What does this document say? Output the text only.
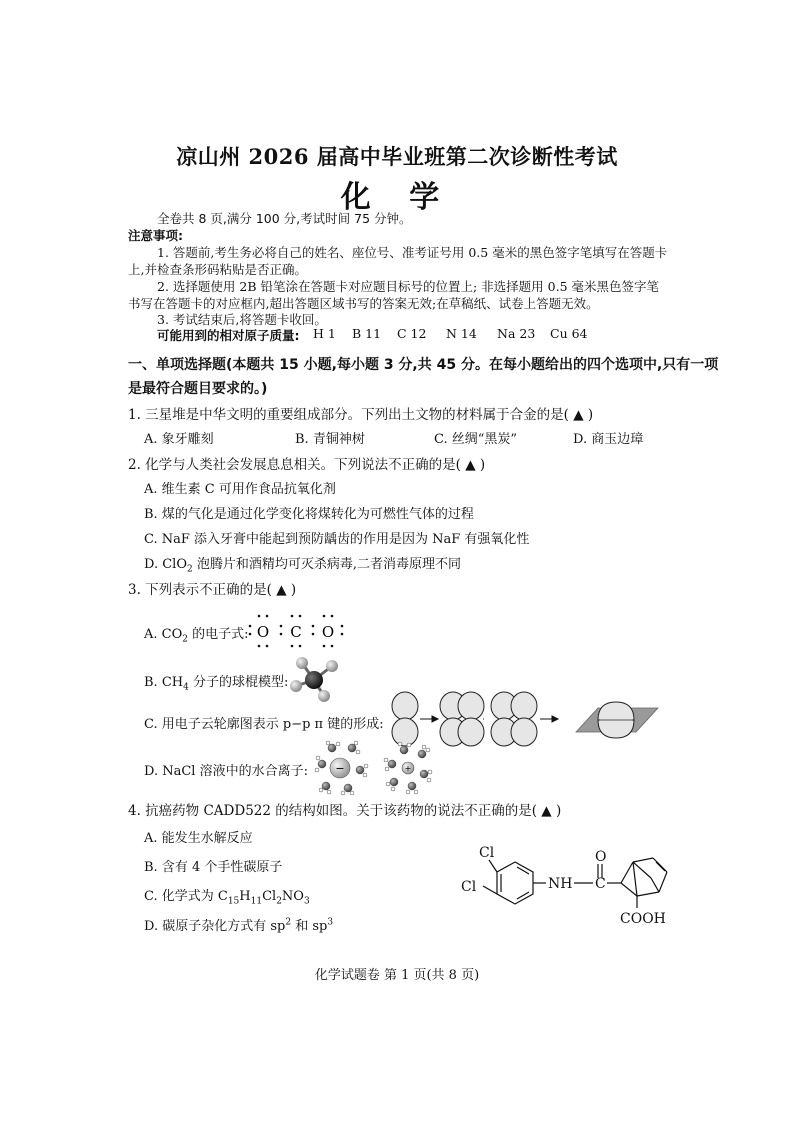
凉山州 2026 届高中毕业班第二次诊断性考试
化 学
全卷共 8 页,满分 100 分,考试时间 75 分钟。
注意事项:
1. 答题前,考生务必将自己的姓名、座位号、准考证号用 0.5 毫米的黑色签字笔填写在答题卡
上,并检查条形码粘贴是否正确。
2. 选择题使用 2B 铅笔涂在答题卡对应题目标号的位置上; 非选择题用 0.5 毫米黑色签字笔
书写在答题卡的对应框内,超出答题区域书写的答案无效;在草稿纸、试卷上答题无效。
3. 考试结束后,将答题卡收回。
可能用到的相对原子质量: H 1 B 11 C 12 N 14 Na 23 Cu 64
一、单项选择题(本题共 15 小题,每小题 3 分,共 45 分。在每小题给出的四个选项中,只有一项
是最符合题目要求的。)
1. 三星堆是中华文明的重要组成部分。下列出土文物的材料属于合金的是( ▲ )
A. 象牙雕刻	B. 青铜神树	C. 丝绸“黑炭”	D. 商玉边璋
2. 化学与人类社会发展息息相关。下列说法不正确的是( ▲ )
A. 维生素 C 可用作食品抗氧化剂
B. 煤的气化是通过化学变化将煤转化为可燃性气体的过程
C. NaF 添入牙膏中能起到预防龋齿的作用是因为 NaF 有强氧化性
D. ClO$_2$ 泡腾片和酒精均可灭杀病毒,二者消毒原理不同
3. 下列表示不正确的是( ▲ )
A. $CO_2$ 的电子式: O C O
B. $CH_4$ 分子的球棍模型:
C. 用电子云轮廓图表示 p−p π 键的形成:
D. NaCl 溶液中的水合离子: −	+
4. 抗癌药物 CADD522 的结构如图。关于该药物的说法不正确的是( ▲ )
A. 能发生水解反应
B. 含有 4 个手性碳原子
C. 化学式为 $C_{15}H_{11}Cl_2NO_3$
D. 碳原子杂化方式有 $sp^2$ 和 $sp^3$
Cl
Cl	NH C
O
COOH
化学试题卷 第 1 页(共 8 页)
